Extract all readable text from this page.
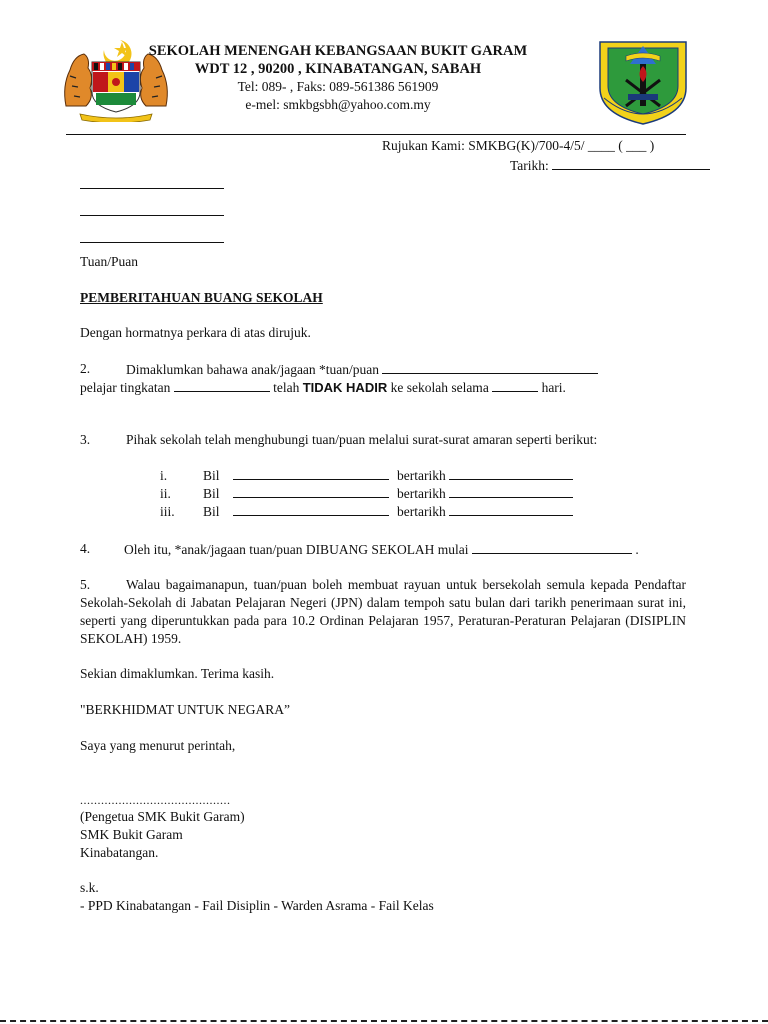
SEKOLAH MENENGAH KEBANGSAAN BUKIT GARAM
WDT 12 , 90200 , KINABATANGAN, SABAH
Tel: 089- , Faks: 089-561386 561909
e-mel: smkbgsbh@yahoo.com.my
Rujukan Kami: SMKBG(K)/700-4/5/ ____ ( ___ )
Tarikh:
Tuan/Puan
PEMBERITAHUAN BUANG SEKOLAH
Dengan hormatnya perkara di atas dirujuk.
2.	Dimaklumkan bahawa anak/jagaan *tuan/puan
pelajar tingkatan	telah TIDAK HADIR ke sekolah selama	hari.
3.	Pihak sekolah telah menghubungi tuan/puan melalui surat-surat amaran seperti berikut:
i.	Bil	bertarikh
ii. Bil	bertarikh
iii. Bil	bertarikh
4.	Oleh itu, *anak/jagaan tuan/puan DIBUANG SEKOLAH mulai	.
5.	Walau bagaimanapun, tuan/puan boleh membuat rayuan untuk bersekolah semula kepada Pendaftar Sekolah-Sekolah di Jabatan Pelajaran Negeri (JPN) dalam tempoh satu bulan dari tarikh penerimaan surat ini, seperti yang diperuntukkan pada para 10.2 Ordinan Pelajaran 1957, Peraturan-Peraturan Pelajaran (DISIPLIN SEKOLAH) 1959.
Sekian dimaklumkan. Terima kasih.
"BERKHIDMAT UNTUK NEGARA”
Saya yang menurut perintah,
...........................................
(Pengetua SMK Bukit Garam)
SMK Bukit Garam
Kinabatangan.
s.k.
- PPD Kinabatangan - Fail Disiplin - Warden Asrama - Fail Kelas
